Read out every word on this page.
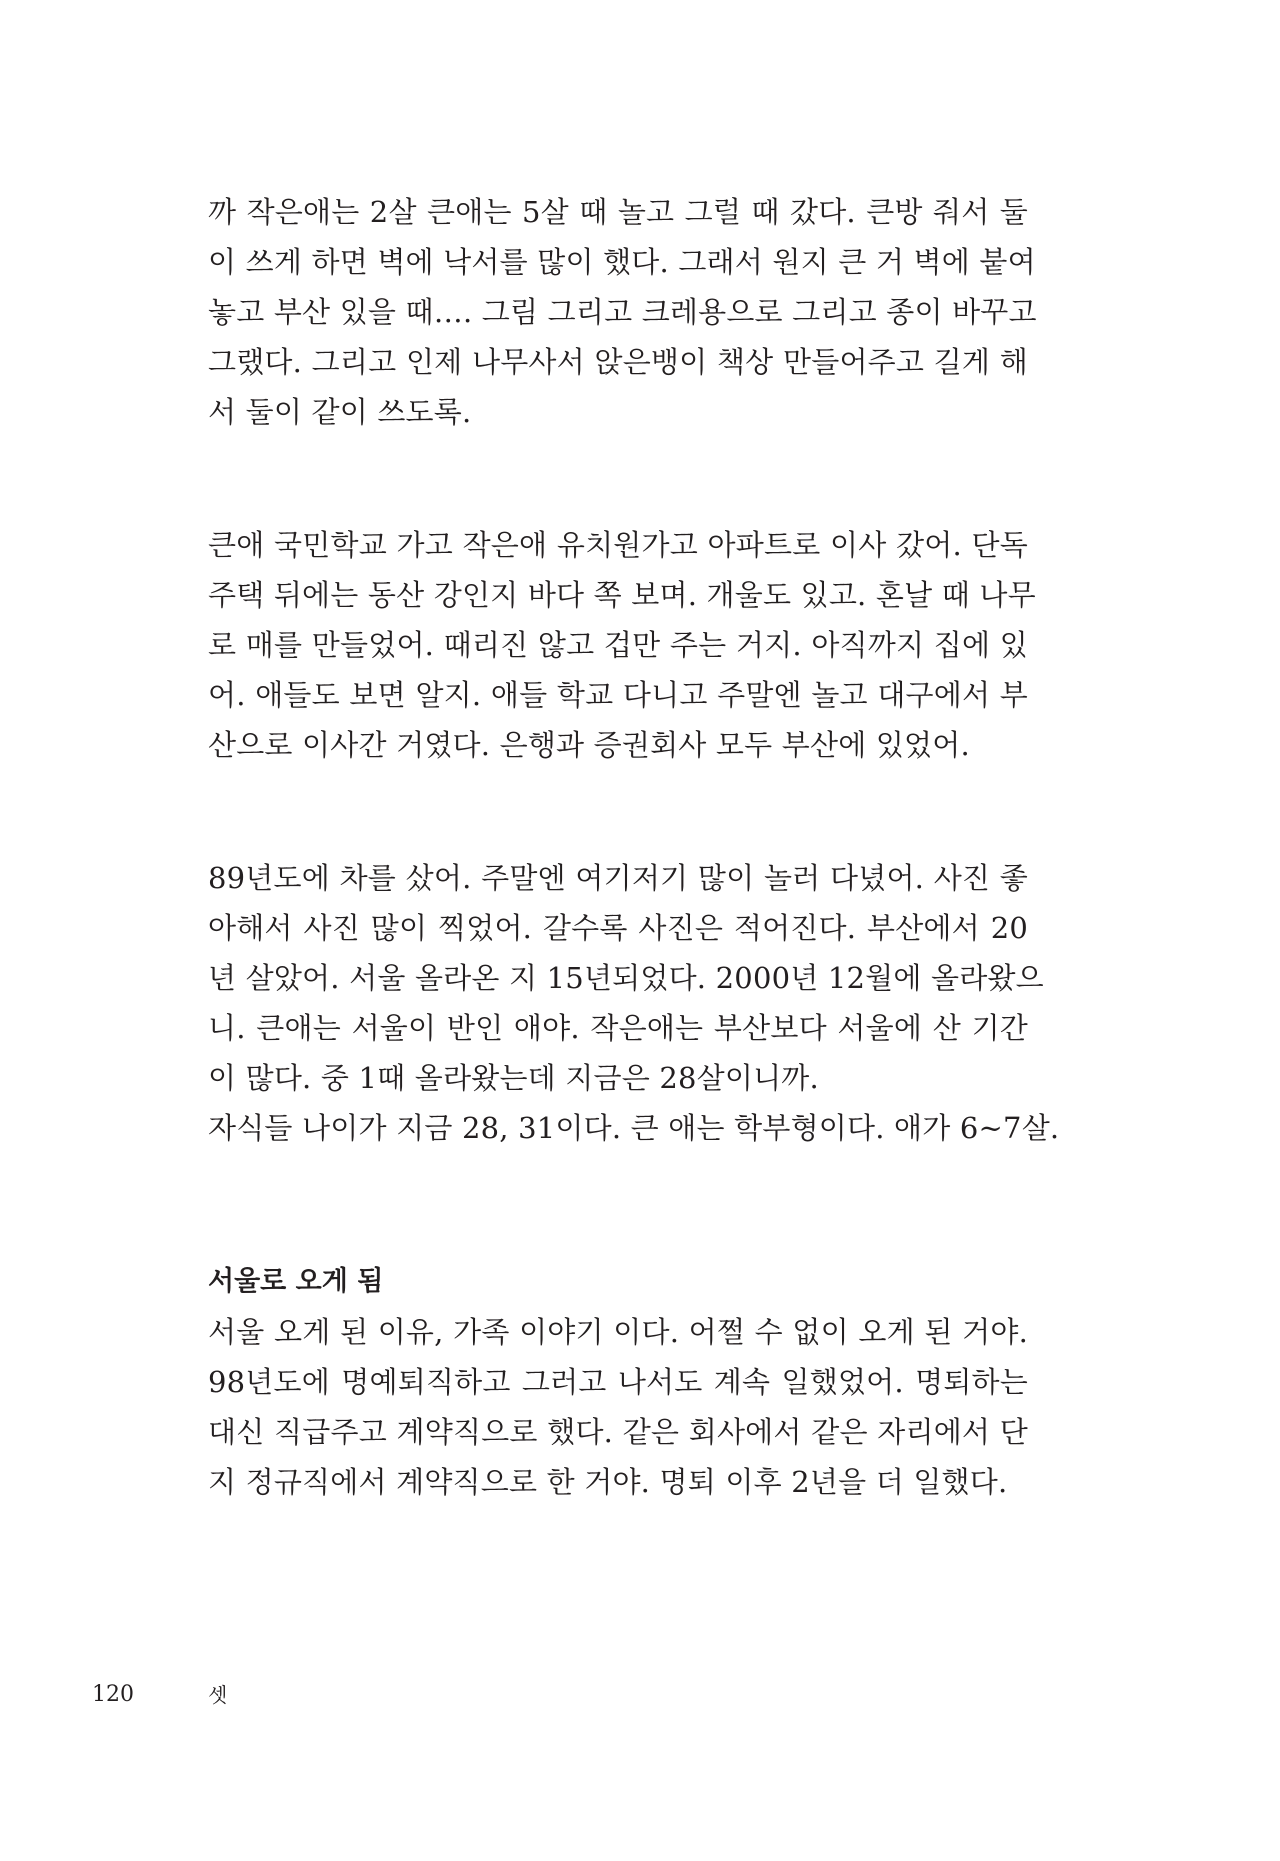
까 작은애는 2살 큰애는 5살 때 놀고 그럴 때 갔다. 큰방 줘서 둘
이 쓰게 하면 벽에 낙서를 많이 했다. 그래서 원지 큰 거 벽에 붙여
놓고 부산 있을 때…. 그림 그리고 크레용으로 그리고 종이 바꾸고
그랬다. 그리고 인제 나무사서 앉은뱅이 책상 만들어주고 길게 해
서 둘이 같이 쓰도록.
큰애 국민학교 가고 작은애 유치원가고 아파트로 이사 갔어. 단독
주택 뒤에는 동산 강인지 바다 쪽 보며. 개울도 있고. 혼날 때 나무
로 매를 만들었어. 때리진 않고 겁만 주는 거지. 아직까지 집에 있
어. 애들도 보면 알지. 애들 학교 다니고 주말엔 놀고 대구에서 부
산으로 이사간 거였다. 은행과 증권회사 모두 부산에 있었어.
89년도에 차를 샀어. 주말엔 여기저기 많이 놀러 다녔어. 사진 좋
아해서 사진 많이 찍었어. 갈수록 사진은 적어진다. 부산에서 20
년 살았어. 서울 올라온 지 15년되었다. 2000년 12월에 올라왔으
니. 큰애는 서울이 반인 애야. 작은애는 부산보다 서울에 산 기간
이 많다. 중 1때 올라왔는데 지금은 28살이니까.
자식들 나이가 지금 28, 31이다. 큰 애는 학부형이다. 애가 6~7살.
서울로 오게 됨
서울 오게 된 이유, 가족 이야기 이다. 어쩔 수 없이 오게 된 거야.
98년도에 명예퇴직하고 그러고 나서도 계속 일했었어. 명퇴하는
대신 직급주고 계약직으로 했다. 같은 회사에서 같은 자리에서 단
지 정규직에서 계약직으로 한 거야. 명퇴 이후 2년을 더 일했다.
120	셋
